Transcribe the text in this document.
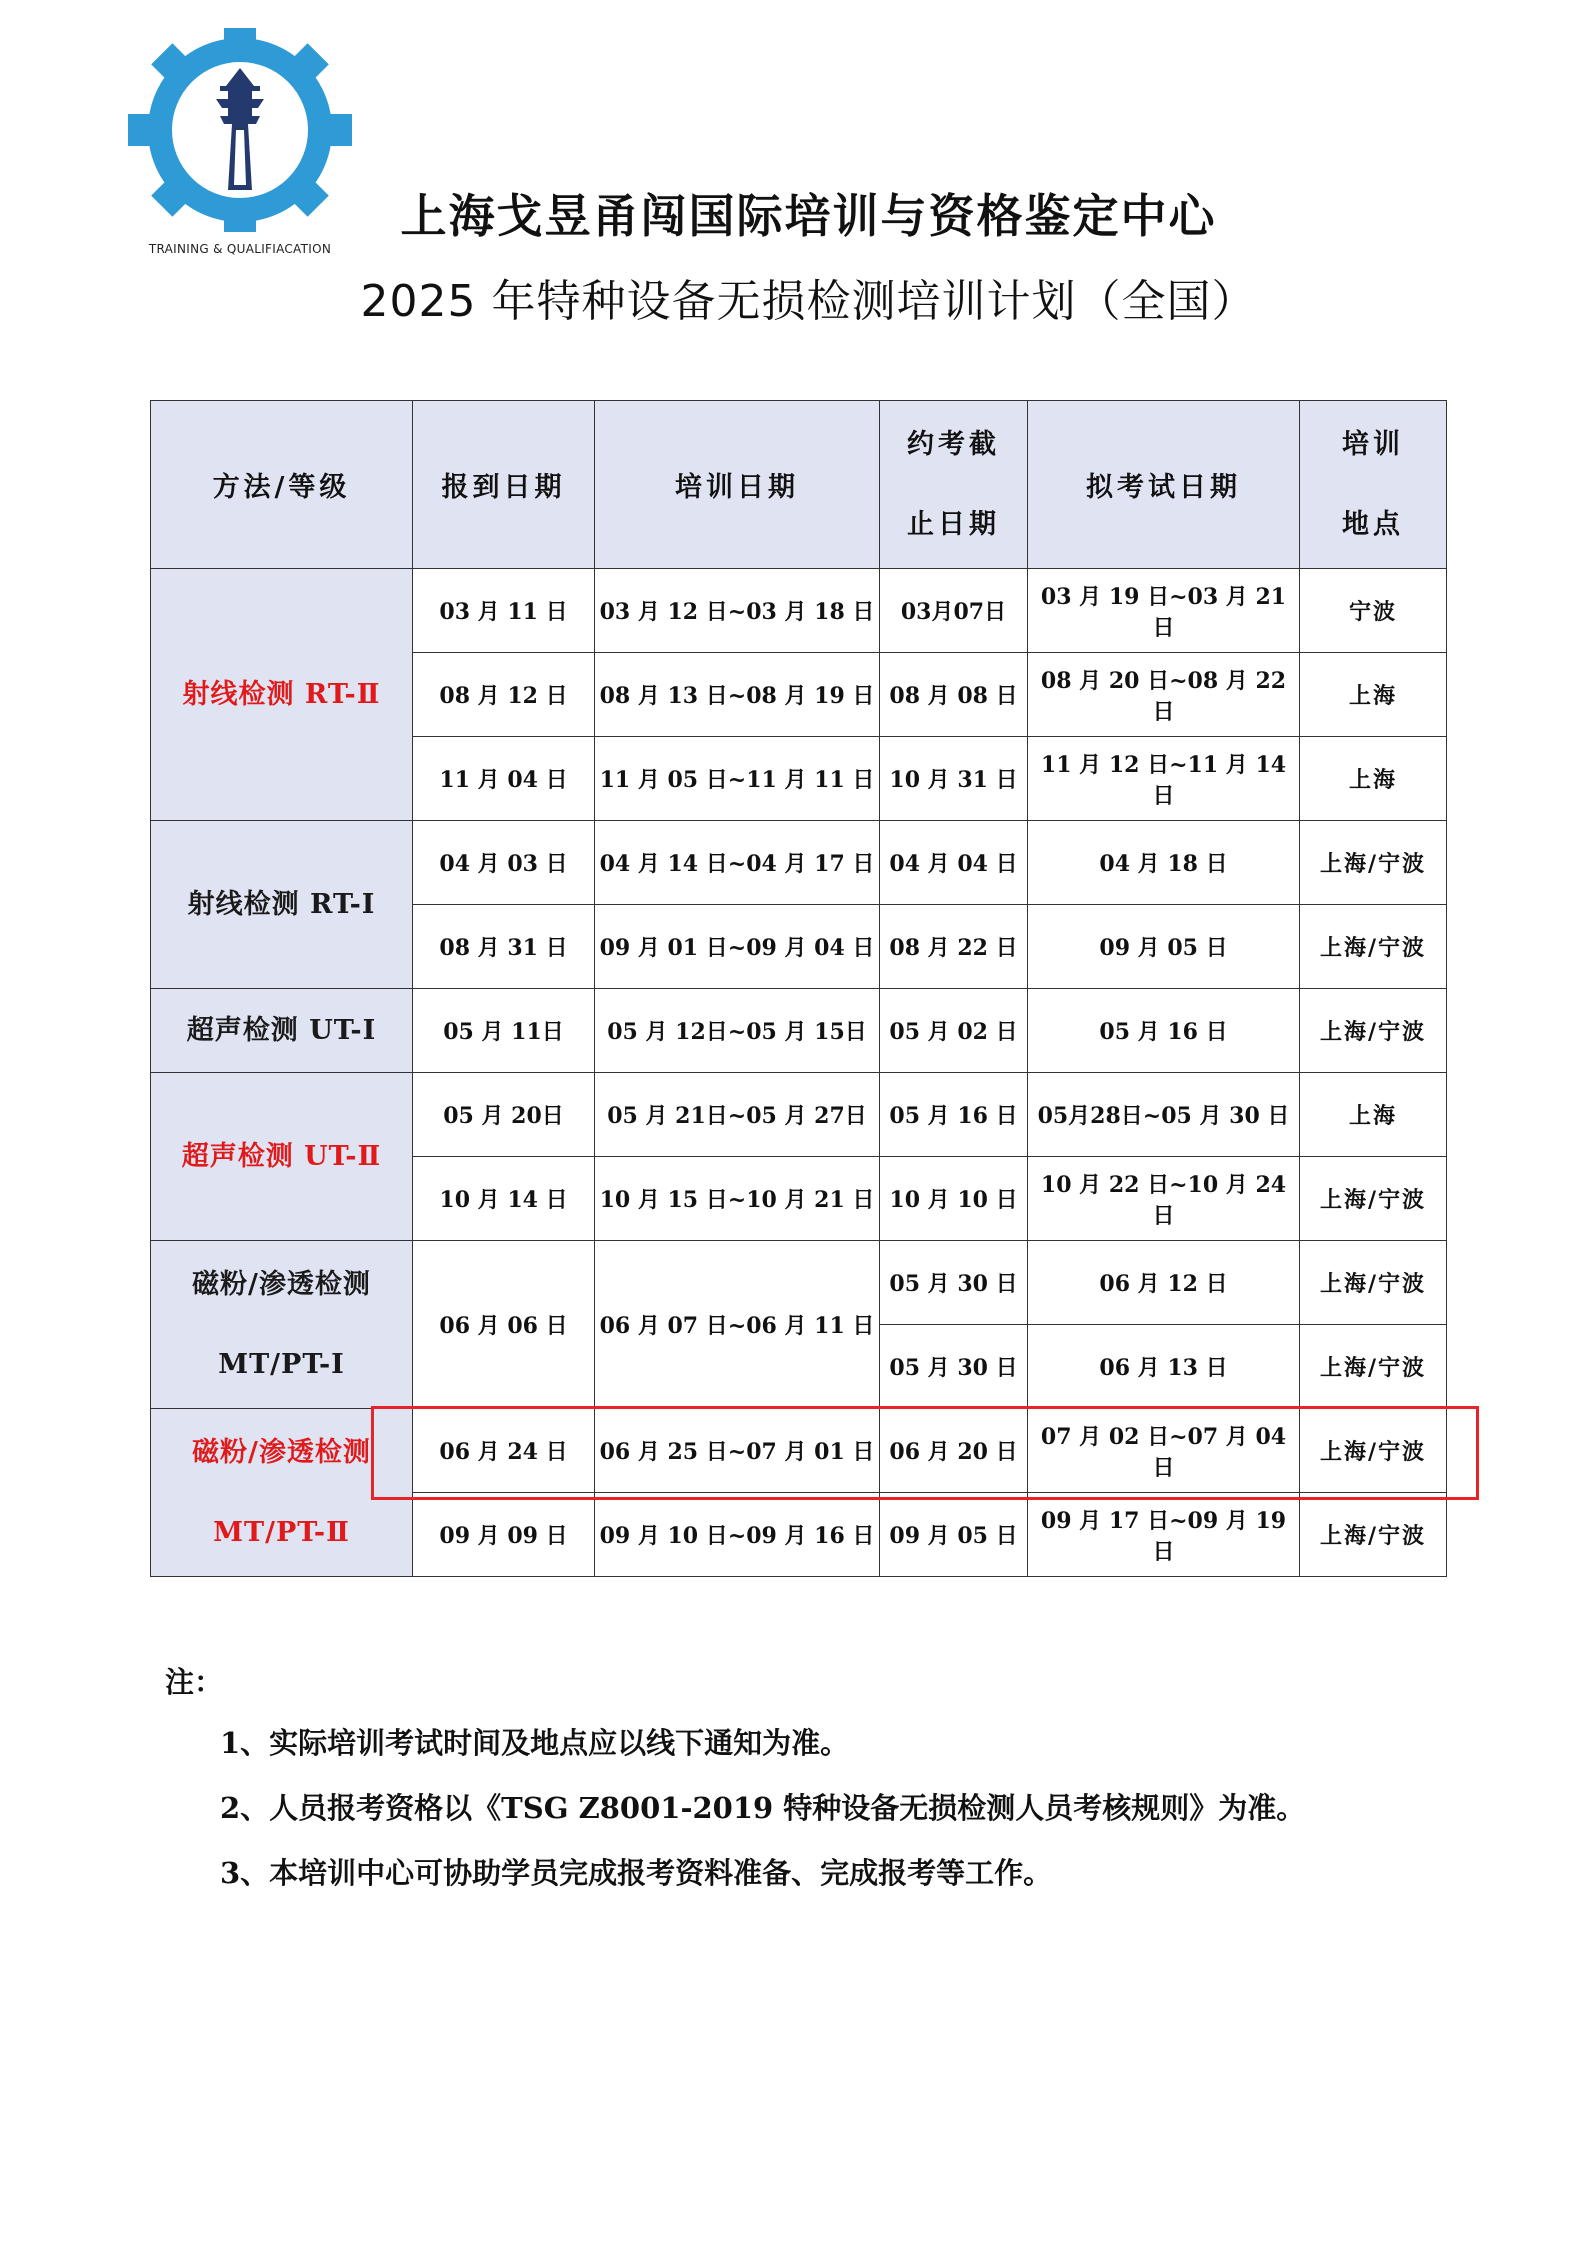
TRAINING & QUALIFIACATION
上海戈昱甬闯国际培训与资格鉴定中心
2025 年特种设备无损检测培训计划（全国）
方法/等级	报到日期	培训日期	约考截
止日期	拟考试日期	培训
地点

射线检测 RT-Ⅱ	03 月 11 日	03 月 12 日~03 月 18 日	03月07日	03 月 19 日~03 月 21 日	宁波
	08 月 12 日	08 月 13 日~08 月 19 日	08 月 08 日	08 月 20 日~08 月 22 日	上海
	11 月 04 日	11 月 05 日~11 月 11 日	10 月 31 日	11 月 12 日~11 月 14 日	上海
射线检测 RT-Ⅰ	04 月 03 日	04 月 14 日~04 月 17 日	04 月 04 日	04 月 18 日	上海/宁波
	08 月 31 日	09 月 01 日~09 月 04 日	08 月 22 日	09 月 05 日	上海/宁波
超声检测 UT-Ⅰ	05 月 11日	05 月 12日~05 月 15日	05 月 02 日	05 月 16 日	上海/宁波
超声检测 UT-Ⅱ	05 月 20日	05 月 21日~05 月 27日	05 月 16 日	05月28日~05 月 30 日	上海
	10 月 14 日	10 月 15 日~10 月 21 日	10 月 10 日	10 月 22 日~10 月 24 日	上海/宁波

磁粉/渗透检测
MT/PT-Ⅰ	06 月 06 日	06 月 07 日~06 月 11 日	05 月 30 日	06 月 12 日	上海/宁波
			05 月 30 日	06 月 13 日	上海/宁波

磁粉/渗透检测
MT/PT-Ⅱ	06 月 24 日	06 月 25 日~07 月 01 日	06 月 20 日	07 月 02 日~07 月 04 日	上海/宁波
	09 月 09 日	09 月 10 日~09 月 16 日	09 月 05 日	09 月 17 日~09 月 19 日	上海/宁波
注：
1、实际培训考试时间及地点应以线下通知为准。
2、人员报考资格以《TSG Z8001-2019 特种设备无损检测人员考核规则》为准。
3、本培训中心可协助学员完成报考资料准备、完成报考等工作。
